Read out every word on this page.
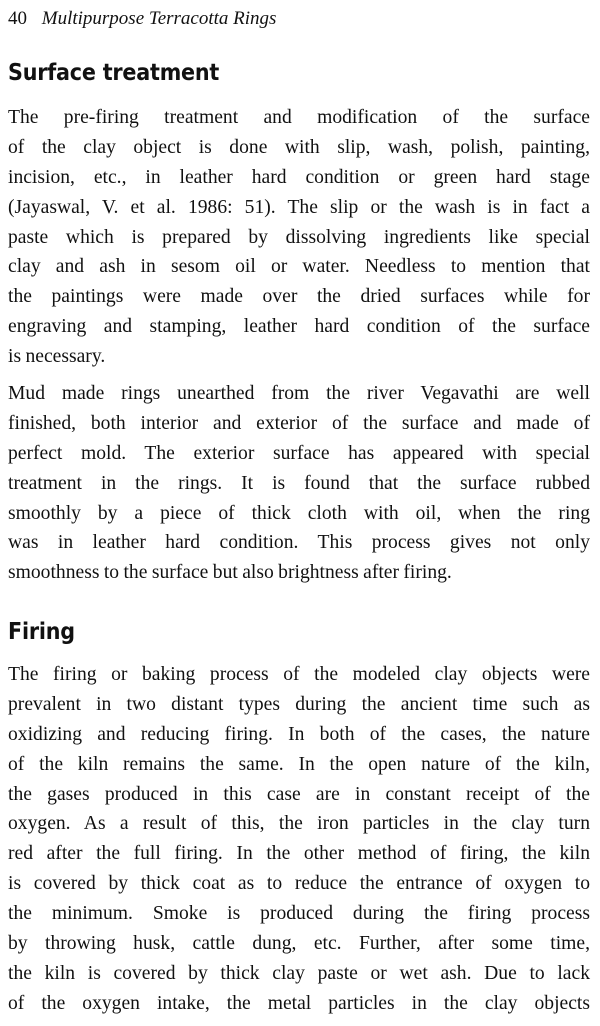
40 Multipurpose Terracotta Rings
Surface treatment

The pre-firing treatment and modification of the surface
of the clay object is done with slip, wash, polish, painting,
incision, etc., in leather hard condition or green hard stage
(Jayaswal, V. et al. 1986: 51). The slip or the wash is in fact a
paste which is prepared by dissolving ingredients like special
clay and ash in sesom oil or water. Needless to mention that
the paintings were made over the dried surfaces while for
engraving and stamping, leather hard condition of the surface
is necessary.

Mud made rings unearthed from the river Vegavathi are well
finished, both interior and exterior of the surface and made of
perfect mold. The exterior surface has appeared with special
treatment in the rings. It is found that the surface rubbed
smoothly by a piece of thick cloth with oil, when the ring
was in leather hard condition. This process gives not only
smoothness to the surface but also brightness after firing.

Firing

The firing or baking process of the modeled clay objects were
prevalent in two distant types during the ancient time such as
oxidizing and reducing firing. In both of the cases, the nature
of the kiln remains the same. In the open nature of the kiln,
the gases produced in this case are in constant receipt of the
oxygen. As a result of this, the iron particles in the clay turn
red after the full firing. In the other method of firing, the kiln
is covered by thick coat as to reduce the entrance of oxygen to
the minimum. Smoke is produced during the firing process
by throwing husk, cattle dung, etc. Further, after some time,
the kiln is covered by thick clay paste or wet ash. Due to lack
of the oxygen intake, the metal particles in the clay objects
